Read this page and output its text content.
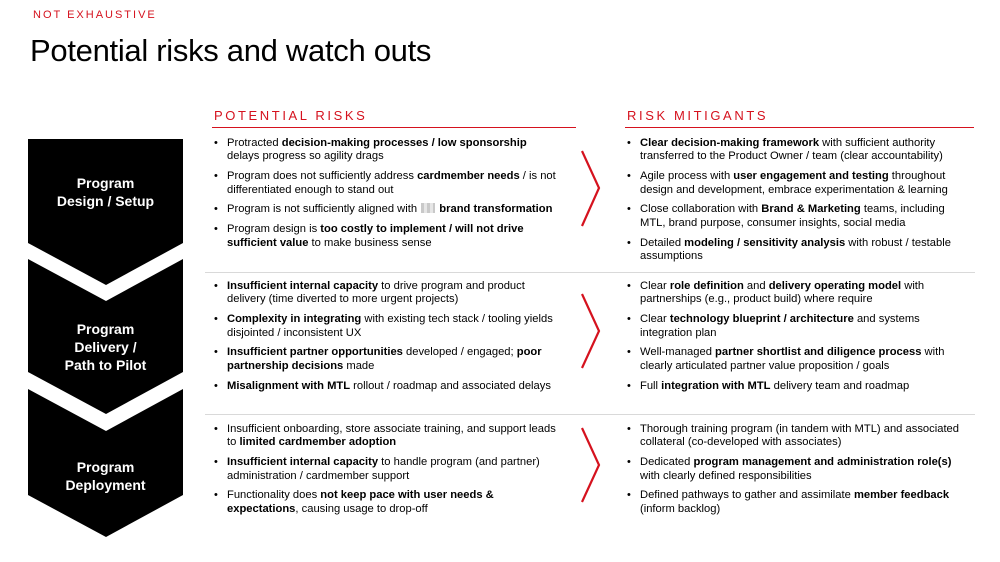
NOT EXHAUSTIVE
Potential risks and watch outs
POTENTIAL RISKS	RISK MITIGANTS
Program
Design / Setup
Program
Delivery /
Path to Pilot
Program
Deployment
• Protracted decision-making processes / low sponsorship delays progress so agility drags
• Program does not sufficiently address cardmember needs / is not differentiated enough to stand out
• Program is not sufficiently aligned with  brand transformation
• Program design is too costly to implement / will not drive sufficient value to make business sense
• Clear decision-making framework with sufficient authority transferred to the Product Owner / team (clear accountability)
• Agile process with user engagement and testing throughout design and development, embrace experimentation & learning
• Close collaboration with Brand & Marketing teams, including MTL, brand purpose, consumer insights, social media
• Detailed modeling / sensitivity analysis with robust / testable assumptions
• Insufficient internal capacity to drive program and product delivery (time diverted to more urgent projects)
• Complexity in integrating with existing tech stack / tooling yields disjointed / inconsistent UX
• Insufficient partner opportunities developed / engaged; poor partnership decisions made
• Misalignment with MTL rollout / roadmap and associated delays
• Clear role definition and delivery operating model with partnerships (e.g., product build) where require
• Clear technology blueprint / architecture and systems integration plan
• Well-managed partner shortlist and diligence process with clearly articulated partner value proposition / goals
• Full integration with MTL delivery team and roadmap
• Insufficient onboarding, store associate training, and support leads to limited cardmember adoption
• Insufficient internal capacity to handle program (and partner) administration / cardmember support
• Functionality does not keep pace with user needs & expectations, causing usage to drop-off
• Thorough training program (in tandem with MTL) and associated collateral (co-developed with associates)
• Dedicated program management and administration role(s) with clearly defined responsibilities
• Defined pathways to gather and assimilate member feedback (inform backlog)
